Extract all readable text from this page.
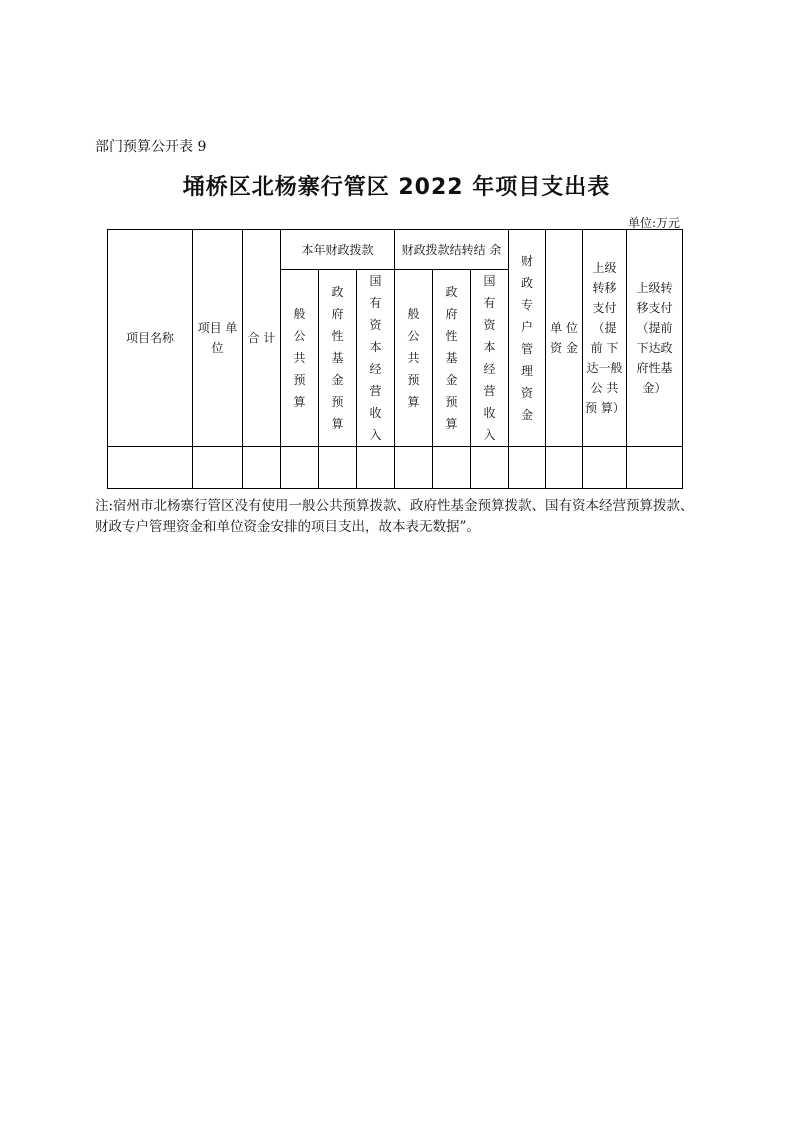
部门预算公开表 9
埇桥区北杨寨行管区 2022 年项目支出表
单位:万元
项目名称	项目 单位	合 计	本年财政拨款			财政拨款结转结 余			财政专户管理资金	单 位 资 金	上级 转移 支付（提 前 下 达一般公 共预 算）	上级转 移支付（提前 下达政 府性基 金）

			般公共预算	政府性基金预算	国有资本经营收入	般公共预算	政府性基金预算	国有资本经营收入				

注:宿州市北杨寨行管区没有使用一般公共预算拨款、政府性基金预算拨款、国有资本经营预算拨款、财政专户管理资金和单位资金安排的项目支出，故本表无数据”。
